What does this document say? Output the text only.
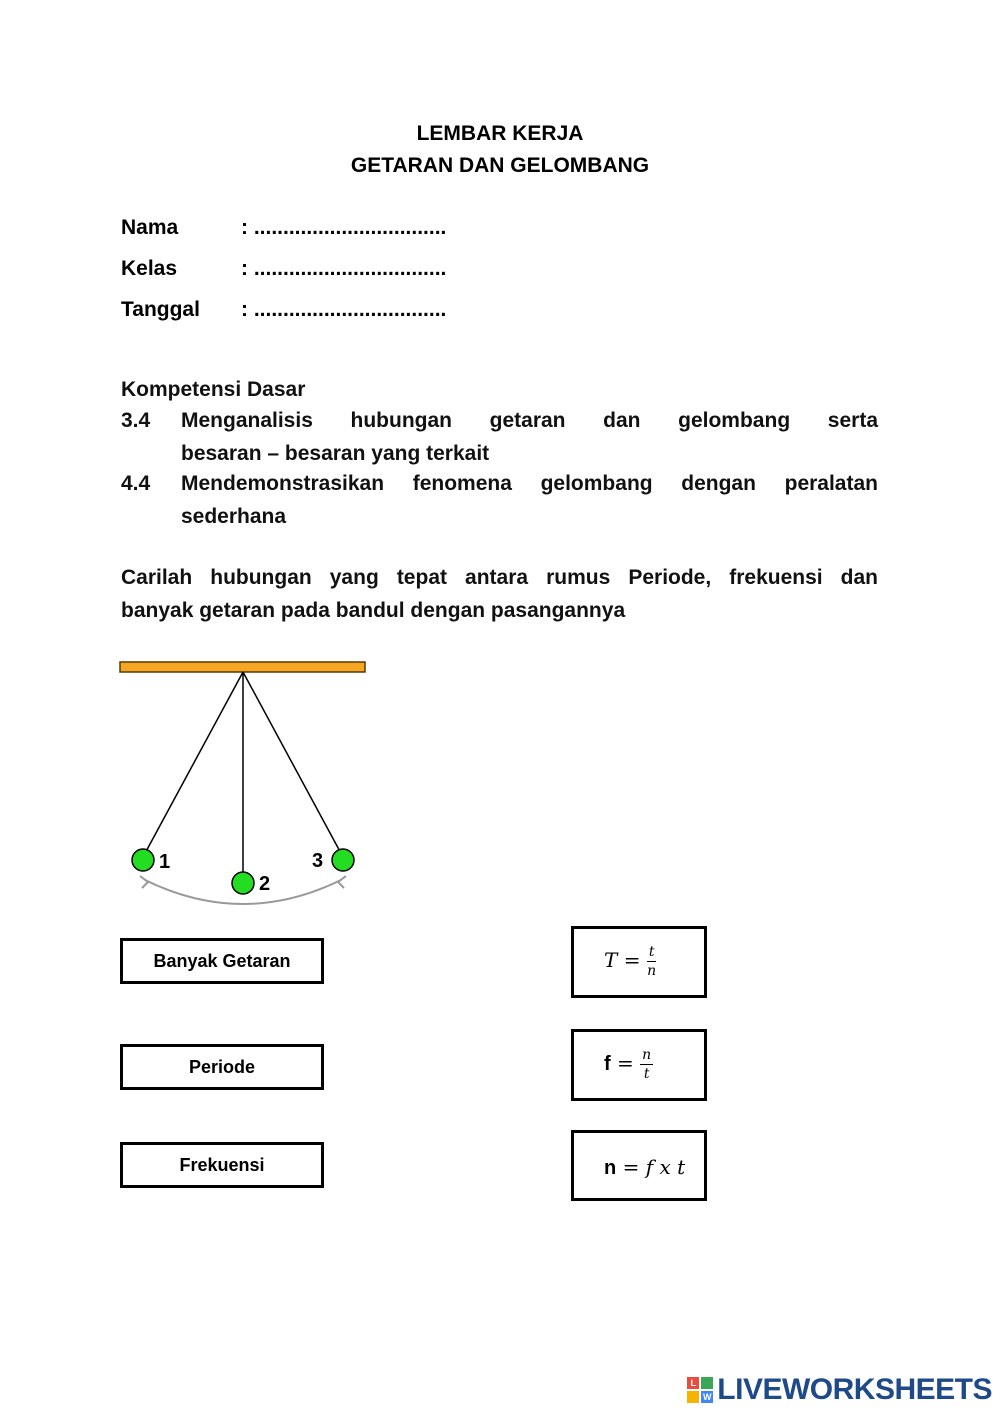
LEMBAR KERJA
GETARAN DAN GELOMBANG
Nama	: .................................
Kelas	: .................................
Tanggal : .................................
Kompetensi Dasar
3.4 Menganalisis hubungan getaran dan gelombang serta
besaran – besaran yang terkait
4.4 Mendemonstrasikan fenomena gelombang dengan peralatan
sederhana
Carilah hubungan yang tepat antara rumus Periode, frekuensi dan
banyak getaran pada bandul dengan pasangannya
1
2
3
Banyak Getaran
Periode
Frekuensi
$T = \frac{t}{n}$
$f = \frac{n}{t}$
n = f x t
L
W LIVEWORKSHEETS
